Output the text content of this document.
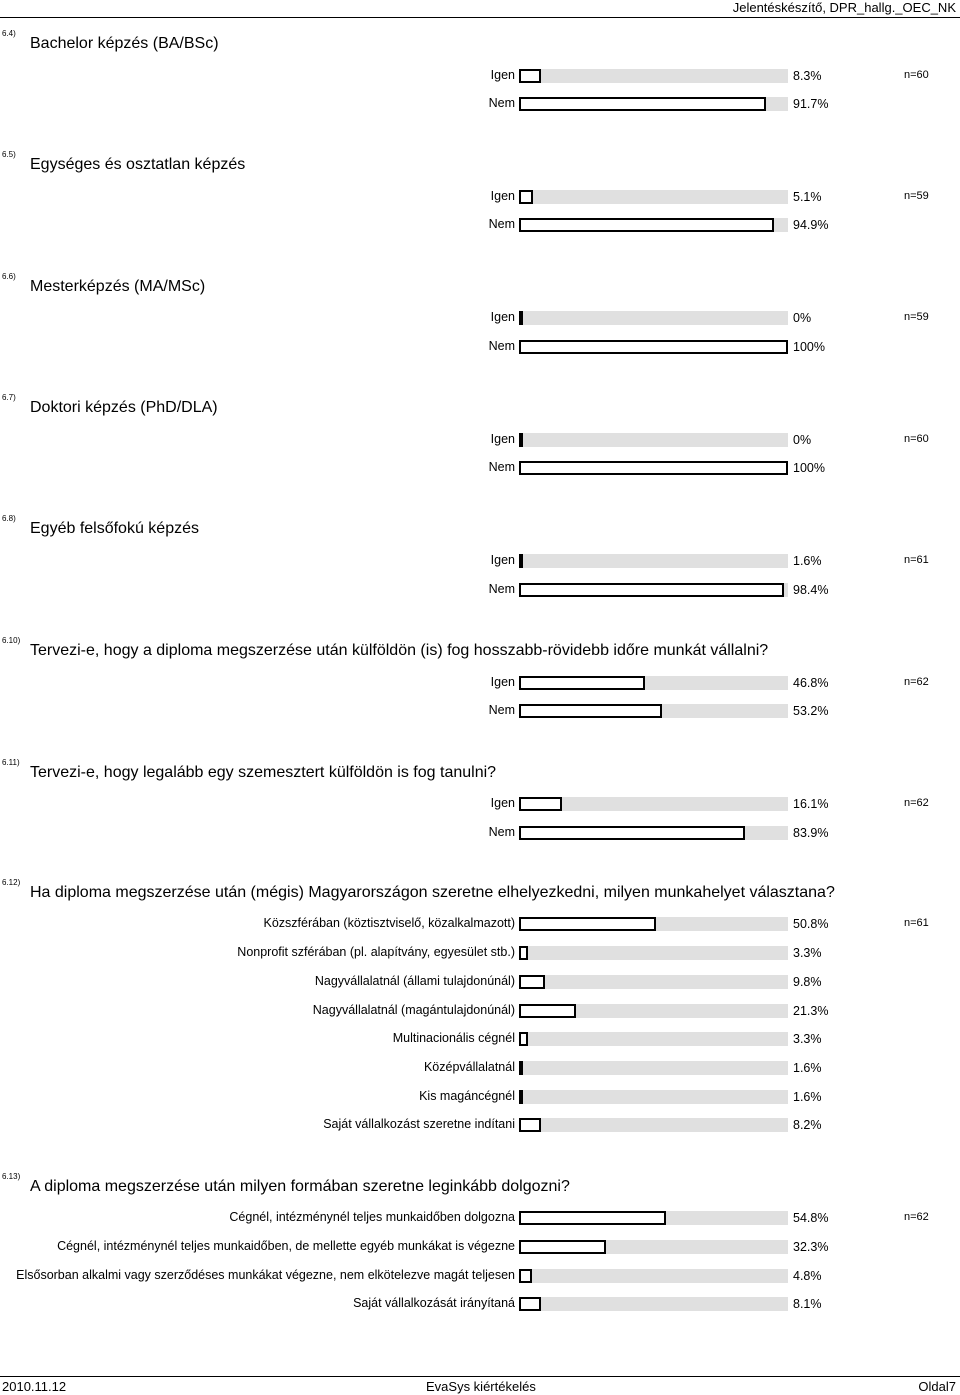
Jelentéskészítő, DPR_hallg._OEC_NK
6.4)
Bachelor képzés (BA/BSc)
n=60
Igen	8.3%
Nem	91.7%
6.5)
Egységes és osztatlan képzés
n=59
Igen	5.1%
Nem	94.9%
6.6)
Mesterképzés (MA/MSc)
n=59
Igen	0%
Nem	100%
6.7)
Doktori képzés (PhD/DLA)
n=60
Igen	0%
Nem	100%
6.8)
Egyéb felsőfokú képzés
n=61
Igen	1.6%
Nem	98.4%
6.10)
Tervezi-e, hogy a diploma megszerzése után külföldön (is) fog hosszabb-rövidebb időre munkát vállalni?
n=62
Igen	46.8%
Nem	53.2%
6.11)
Tervezi-e, hogy legalább egy szemesztert külföldön is fog tanulni?
n=62
Igen	16.1%
Nem	83.9%
6.12)
Ha diploma megszerzése után (mégis) Magyarországon szeretne elhelyezkedni, milyen munkahelyet választana?
n=61
Közszférában (köztisztviselő, közalkalmazott)	50.8%
Nonprofit szférában (pl. alapítvány, egyesület stb.)	3.3%
Nagyvállalatnál (állami tulajdonúnál)	9.8%
Nagyvállalatnál (magántulajdonúnál)	21.3%
Multinacionális cégnél	3.3%
Középvállalatnál	1.6%
Kis magáncégnél	1.6%
Saját vállalkozást szeretne indítani	8.2%
6.13)
A diploma megszerzése után milyen formában szeretne leginkább dolgozni?
n=62
Cégnél, intézménynél teljes munkaidőben dolgozna	54.8%
Cégnél, intézménynél teljes munkaidőben, de mellette egyéb munkákat is végezne	32.3%
Elsősorban alkalmi vagy szerződéses munkákat végezne, nem elkötelezve magát teljesen	4.8%
Saját vállalkozását irányítaná	8.1%
2010.11.12	EvaSys kiértékelés	Oldal7
